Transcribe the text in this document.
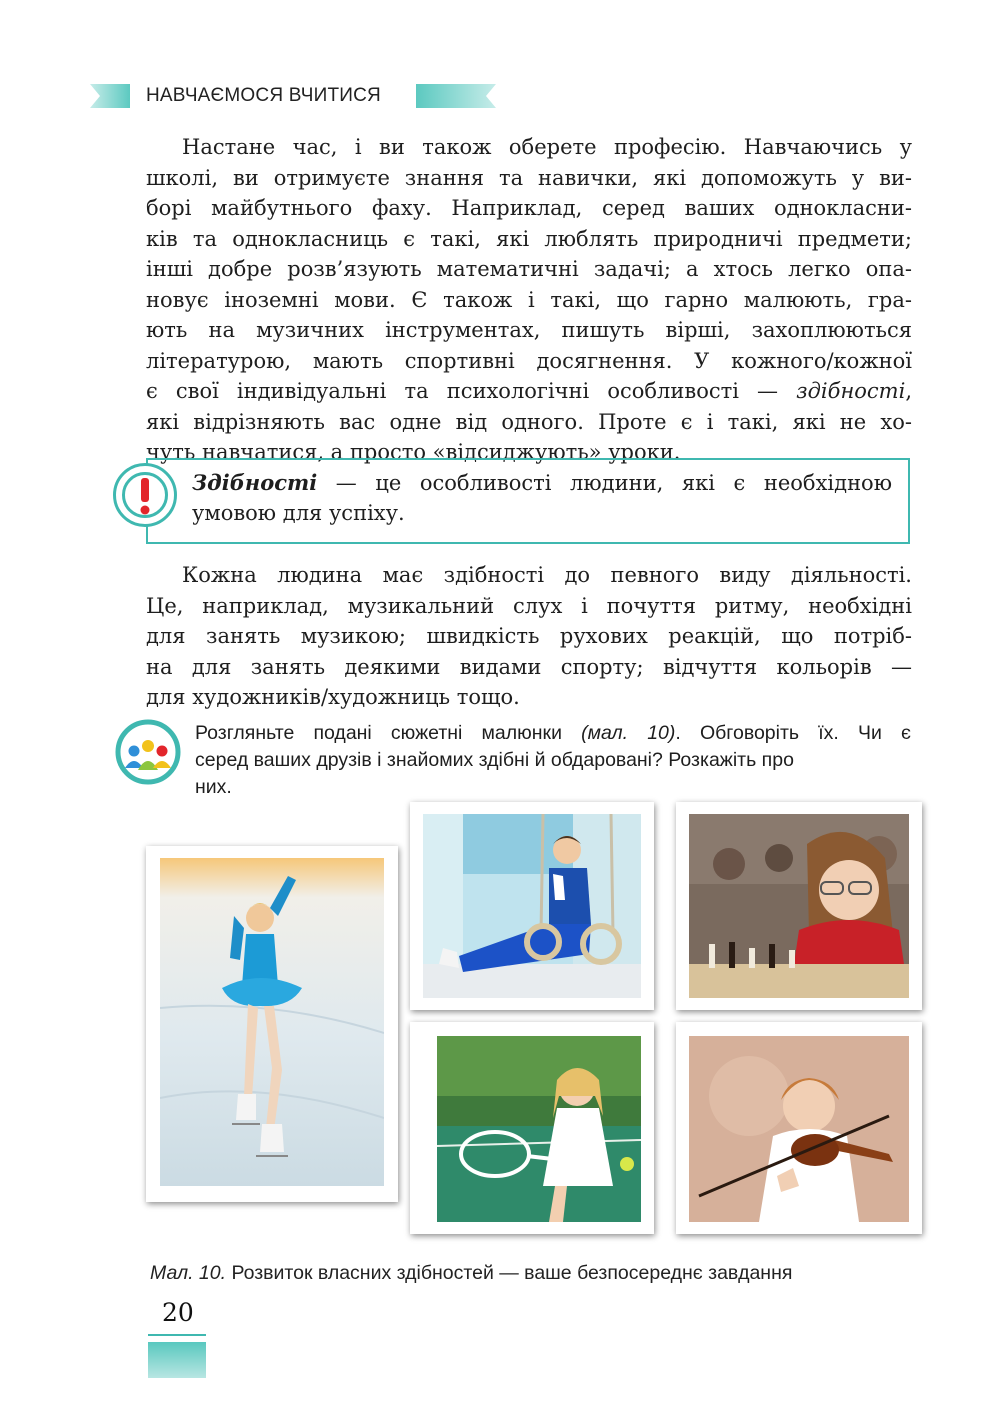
НАВЧАЄМОСЯ ВЧИТИСЯ

Настане час, і ви також оберете професію. Навчаючись у

школі, ви отримуєте знання та навички, які допоможуть у ви-

борі майбутнього фаху. Наприклад, серед ваших однокласни-

ків та однокласниць є такі, які люблять природничі предмети;

інші добре розв’язують математичні задачі; а хтось легко опа-

новує іноземні мови. Є також і такі, що гарно малюють, гра-

ють на музичних інструментах, пишуть вірші, захоплюються

літературою, мають спортивні досягнення. У кожного/кожної

є свої індивідуальні та психологічні особливості — здібності,

які відрізняють вас одне від одного. Проте є і такі, які не хо-

чуть навчатися, а просто «відсиджують» уроки.

Здібності — це особливості людини, які є необхідною
умовою для успіху.

Кожна людина має здібності до певного виду діяльності.

Це, наприклад, музикальний слух і почуття ритму, необхідні

для занять музикою; швидкість рухових реакцій, що потріб-

на для занять деякими видами спорту; відчуття кольорів —

для художників/художниць тощо.

Розгляньте подані сюжетні малюнки (мал. 10). Обговоріть їх. Чи є
серед ваших друзів і знайомих здібні й обдаровані? Розкажіть про
них.
Мал. 10. Розвиток власних здібностей — ваше безпосереднє завдання
20
